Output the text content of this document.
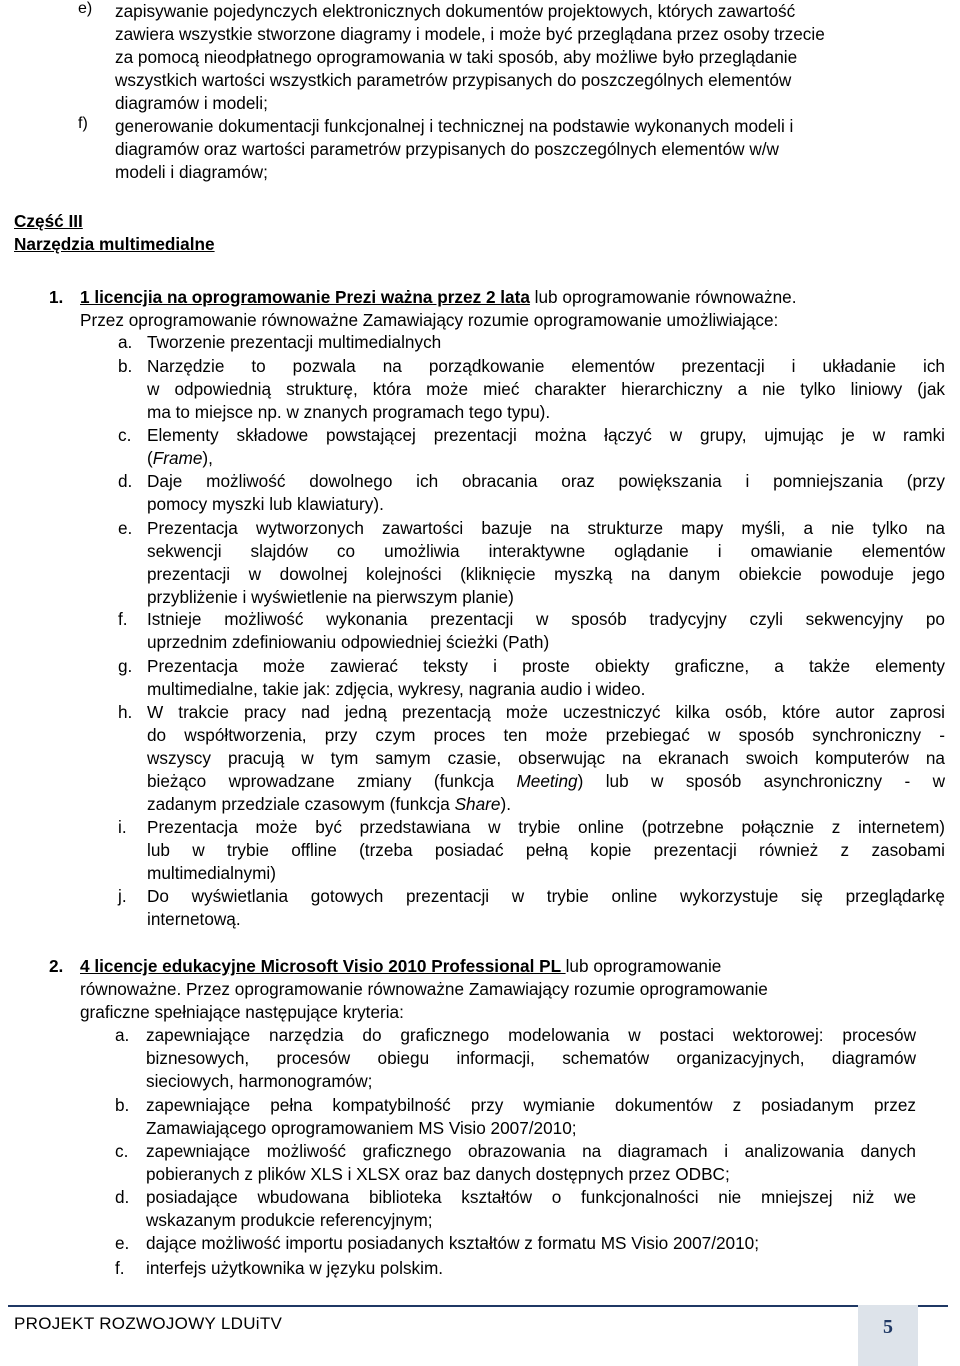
e) zapisywanie pojedynczych elektronicznych dokumentów projektowych, których zawartość
zawiera wszystkie stworzone diagramy i modele, i może być przeglądana przez osoby trzecie
za pomocą nieodpłatnego oprogramowania w taki sposób, aby możliwe było przeglądanie
wszystkich wartości wszystkich parametrów przypisanych do poszczególnych elementów
diagramów i modeli;
f) generowanie dokumentacji funkcjonalnej i technicznej na podstawie wykonanych modeli i
diagramów oraz wartości parametrów przypisanych do poszczególnych elementów w/w
modeli i diagramów;
Część III
Narzędzia multimedialne
1. 1 licencjia na oprogramowanie Prezi ważna przez 2 lata lub oprogramowanie równoważne.
Przez oprogramowanie równoważne Zamawiający rozumie oprogramowanie umożliwiające:
a. Tworzenie prezentacji multimedialnych
b. Narzędzie to pozwala na porządkowanie elementów prezentacji i układanie ich
w odpowiednią strukturę, która może mieć charakter hierarchiczny a nie tylko liniowy (jak
ma to miejsce np. w znanych programach tego typu).
c. Elementy składowe powstającej prezentacji można łączyć w grupy, ujmując je w ramki
(Frame),
d. Daje możliwość dowolnego ich obracania oraz powiększania i pomniejszania (przy
pomocy myszki lub klawiatury).
e. Prezentacja wytworzonych zawartości bazuje na strukturze mapy myśli, a nie tylko na
sekwencji slajdów co umożliwia interaktywne oglądanie i omawianie elementów
prezentacji w dowolnej kolejności (kliknięcie myszką na danym obiekcie powoduje jego
przybliżenie i wyświetlenie na pierwszym planie)
f. Istnieje możliwość wykonania prezentacji w sposób tradycyjny czyli sekwencyjny po
uprzednim zdefiniowaniu odpowiedniej ścieżki (Path)
g. Prezentacja może zawierać teksty i proste obiekty graficzne, a także elementy
multimedialne, takie jak: zdjęcia, wykresy, nagrania audio i wideo.
h. W trakcie pracy nad jedną prezentacją może uczestniczyć kilka osób, które autor zaprosi
do współtworzenia, przy czym proces ten może przebiegać w sposób synchroniczny -
wszyscy pracują w tym samym czasie, obserwując na ekranach swoich komputerów na
bieżąco wprowadzane zmiany (funkcja Meeting) lub w sposób asynchroniczny - w
zadanym przedziale czasowym (funkcja Share).
i. Prezentacja może być przedstawiana w trybie online (potrzebne połącznie z internetem)
lub w trybie offline (trzeba posiadać pełną kopie prezentacji również z zasobami
multimedialnymi)
j. Do wyświetlania gotowych prezentacji w trybie online wykorzystuje się przeglądarkę
internetową.
2. 4 licencje edukacyjne Microsoft Visio 2010 Professional PL lub oprogramowanie
równoważne. Przez oprogramowanie równoważne Zamawiający rozumie oprogramowanie
graficzne spełniające następujące kryteria:
a. zapewniające narzędzia do graficznego modelowania w postaci wektorowej: procesów
biznesowych, procesów obiegu informacji, schematów organizacyjnych, diagramów
sieciowych, harmonogramów;
b. zapewniające pełna kompatybilność przy wymianie dokumentów z posiadanym przez
Zamawiającego oprogramowaniem MS Visio 2007/2010;
c. zapewniające możliwość graficznego obrazowania na diagramach i analizowania danych
pobieranych z plików XLS i XLSX oraz baz danych dostępnych przez ODBC;
d. posiadające wbudowana biblioteka kształtów o funkcjonalności nie mniejszej niż we
wskazanym produkcie referencyjnym;
e. dające możliwość importu posiadanych kształtów z formatu MS Visio 2007/2010;
f. interfejs użytkownika w języku polskim.
PROJEKT ROZWOJOWY LDUiTV	5
